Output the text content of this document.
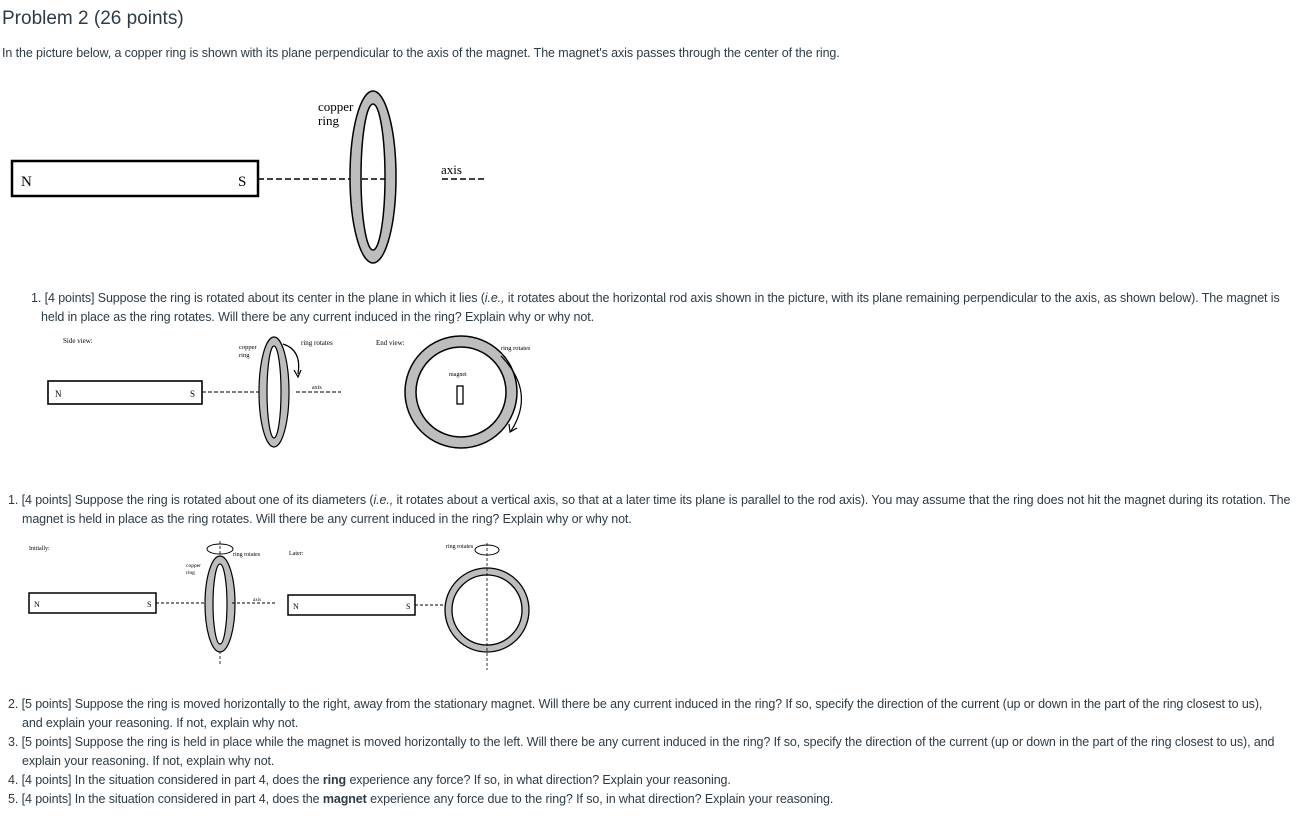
Problem 2 (26 points)
In the picture below, a copper ring is shown with its plane perpendicular to the axis of the magnet. The magnet's axis passes through the center of the ring.
N	S
copper
ring
axis
1. [4 points] Suppose the ring is rotated about its center in the plane in which it lies (i.e., it rotates about the horizontal rod axis shown in the picture, with its plane remaining perpendicular to the axis, as shown below). The magnet is
held in place as the ring rotates. Will there be any current induced in the ring? Explain why or why not.
Side view:
N	S
copper
ring
ring rotates
axis
End view:
magnet
ring rotates
1. [4 points] Suppose the ring is rotated about one of its diameters (i.e., it rotates about a vertical axis, so that at a later time its plane is parallel to the rod axis). You may assume that the ring does not hit the magnet during its rotation. The
magnet is held in place as the ring rotates. Will there be any current induced in the ring? Explain why or why not.
Initially:
N	S
copper
ring
ring rotates
axis
Later:
N	S
ring rotates
2. [5 points] Suppose the ring is moved horizontally to the right, away from the stationary magnet. Will there be any current induced in the ring? If so, specify the direction of the current (up or down in the part of the ring closest to us),
and explain your reasoning. If not, explain why not.
3. [5 points] Suppose the ring is held in place while the magnet is moved horizontally to the left. Will there be any current induced in the ring? If so, specify the direction of the current (up or down in the part of the ring closest to us), and
explain your reasoning. If not, explain why not.
4. [4 points] In the situation considered in part 4, does the ring experience any force? If so, in what direction? Explain your reasoning.
5. [4 points] In the situation considered in part 4, does the magnet experience any force due to the ring? If so, in what direction? Explain your reasoning.
